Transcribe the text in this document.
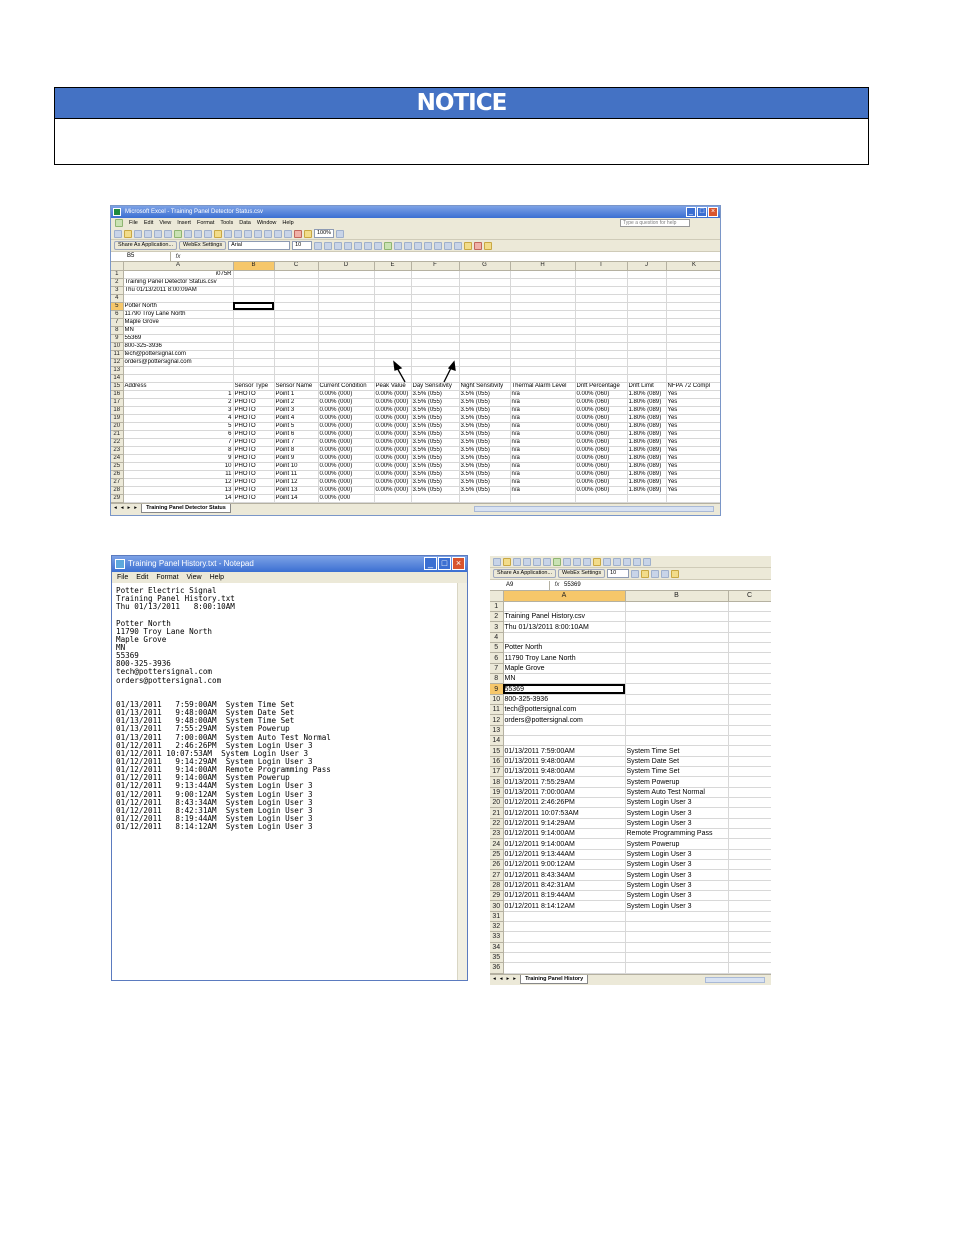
NOTICE
Microsoft Excel - Training Panel Detector Status.csv	_ □ ×
File Edit View Insert Format Tools Data Window Help	Type a question for help
100%
Share As Application...	WebEx Settings	Arial	10
B5	fx
	A	B	C	D	E	F	G	H	I	J	K
1	i075R										
2	Training Panel Detector Status.csv										
3	Thu 01/13/2011 8:00:09AM										
4											
5	Potter North										
6	11790 Troy Lane North										
7	Maple Grove										
8	MN										
9	55369										
10	800-325-3936										
11	tech@pottersignal.com										
12	orders@pottersignal.com										
13											
14											
15	Address	Sensor Type	Sensor Name	Current Condition	Peak Value	Day Sensitivity	Night Sensitivity	Thermal Alarm Level	Drift Percentage	Drift Limit	NFPA 72 Compl
16	1	PHOTO	Point 1	0.00% (000)	0.00% (000)	3.5% (055)	3.5% (055)	n/a	0.00% (060)	1.80% (089)	Yes
17	2	PHOTO	Point 2	0.00% (000)	0.00% (000)	3.5% (055)	3.5% (055)	n/a	0.00% (060)	1.80% (089)	Yes
18	3	PHOTO	Point 3	0.00% (000)	0.00% (000)	3.5% (055)	3.5% (055)	n/a	0.00% (060)	1.80% (089)	Yes
19	4	PHOTO	Point 4	0.00% (000)	0.00% (000)	3.5% (055)	3.5% (055)	n/a	0.00% (060)	1.80% (089)	Yes
20	5	PHOTO	Point 5	0.00% (000)	0.00% (000)	3.5% (055)	3.5% (055)	n/a	0.00% (060)	1.80% (089)	Yes
21	6	PHOTO	Point 6	0.00% (000)	0.00% (000)	3.5% (055)	3.5% (055)	n/a	0.00% (060)	1.80% (089)	Yes
22	7	PHOTO	Point 7	0.00% (000)	0.00% (000)	3.5% (055)	3.5% (055)	n/a	0.00% (060)	1.80% (089)	Yes
23	8	PHOTO	Point 8	0.00% (000)	0.00% (000)	3.5% (055)	3.5% (055)	n/a	0.00% (060)	1.80% (089)	Yes
24	9	PHOTO	Point 9	0.00% (000)	0.00% (000)	3.5% (055)	3.5% (055)	n/a	0.00% (060)	1.80% (089)	Yes
25	10	PHOTO	Point 10	0.00% (000)	0.00% (000)	3.5% (055)	3.5% (055)	n/a	0.00% (060)	1.80% (089)	Yes
26	11	PHOTO	Point 11	0.00% (000)	0.00% (000)	3.5% (055)	3.5% (055)	n/a	0.00% (060)	1.80% (089)	Yes
27	12	PHOTO	Point 12	0.00% (000)	0.00% (000)	3.5% (055)	3.5% (055)	n/a	0.00% (060)	1.80% (089)	Yes
28	13	PHOTO	Point 13	0.00% (000)	0.00% (000)	3.5% (055)	3.5% (055)	n/a	0.00% (060)	1.80% (089)	Yes
29	14	PHOTO	Point 14	0.00% (000							
◂ ◂ ▸ ▸	Training Panel Detector Status
Training Panel History.txt - Notepad	_ □ ×
File Edit Format View Help
Potter Electric Signal
Training Panel History.txt
Thu 01/13/2011   8:00:10AM
Potter North
11790 Troy Lane North
Maple Grove
MN
55369
800-325-3936
tech@pottersignal.com
orders@pottersignal.com
01/13/2011   7:59:00AM  System Time Set
01/13/2011   9:48:00AM  System Date Set
01/13/2011   9:48:00AM  System Time Set
01/13/2011   7:55:29AM  System Powerup
01/13/2011   7:00:00AM  System Auto Test Normal
01/12/2011   2:46:26PM  System Login User 3
01/12/2011 10:07:53AM  System Login User 3
01/12/2011   9:14:29AM  System Login User 3
01/12/2011   9:14:00AM  Remote Programming Pass
01/12/2011   9:14:00AM  System Powerup
01/12/2011   9:13:44AM  System Login User 3
01/12/2011   9:00:12AM  System Login User 3
01/12/2011   8:43:34AM  System Login User 3
01/12/2011   8:42:31AM  System Login User 3
01/12/2011   8:19:44AM  System Login User 3
01/12/2011   8:14:12AM  System Login User 3
Share As Application...	WebEx Settings	10
A9	fx 55369
	A	B	C
1			
2	Training Panel History.csv		
3	Thu 01/13/2011 8:00:10AM		
4			
5	Potter North		
6	11790 Troy Lane North		
7	Maple Grove		
8	MN		
9	55369		
10	800-325-3936		
11	tech@pottersignal.com		
12	orders@pottersignal.com		
13			
14			
15	01/13/2011 7:59:00AM	System Time Set	
16	01/13/2011 9:48:00AM	System Date Set	
17	01/13/2011 9:48:00AM	System Time Set	
18	01/13/2011 7:55:29AM	System Powerup	
19	01/13/2011 7:00:00AM	System Auto Test Normal	
20	01/12/2011 2:46:26PM	System Login User 3	
21	01/12/2011 10:07:53AM	System Login User 3	
22	01/12/2011 9:14:29AM	System Login User 3	
23	01/12/2011 9:14:00AM	Remote Programming Pass	
24	01/12/2011 9:14:00AM	System Powerup	
25	01/12/2011 9:13:44AM	System Login User 3	
26	01/12/2011 9:00:12AM	System Login User 3	
27	01/12/2011 8:43:34AM	System Login User 3	
28	01/12/2011 8:42:31AM	System Login User 3	
29	01/12/2011 8:19:44AM	System Login User 3	
30	01/12/2011 8:14:12AM	System Login User 3	
31			
32			
33			
34			
35			
36			
◂ ◂ ▸ ▸	Training Panel History
